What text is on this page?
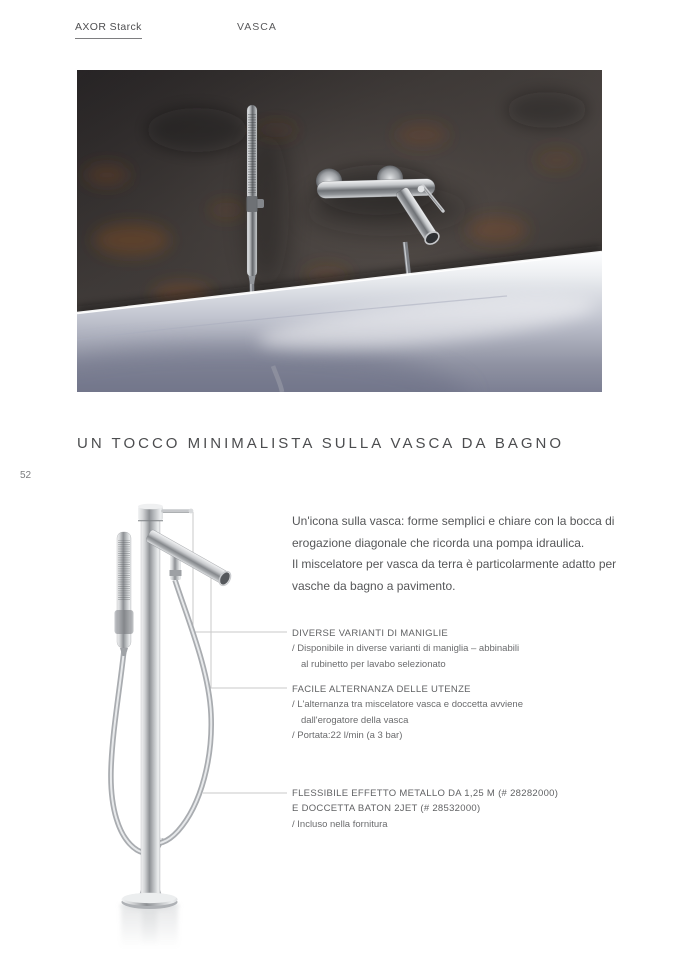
AXOR Starck	VASCA
UN TOCCO MINIMALISTA SULLA VASCA DA BAGNO
52
Un'icona sulla vasca: forme semplici e chiare con la bocca di
erogazione diagonale che ricorda una pompa idraulica.
Il miscelatore per vasca da terra è particolarmente adatto per
vasche da bagno a pavimento.
DIVERSE VARIANTI DI MANIGLIE
/ Disponibile in diverse varianti di maniglia – abbinabili
al rubinetto per lavabo selezionato
FACILE ALTERNANZA DELLE UTENZE
/ L'alternanza tra miscelatore vasca e doccetta avviene
dall'erogatore della vasca
/ Portata:22 l/min (a 3 bar)
FLESSIBILE EFFETTO METALLO DA 1,25 M (# 28282000)
E DOCCETTA BATON 2JET (# 28532000)
/ Incluso nella fornitura
